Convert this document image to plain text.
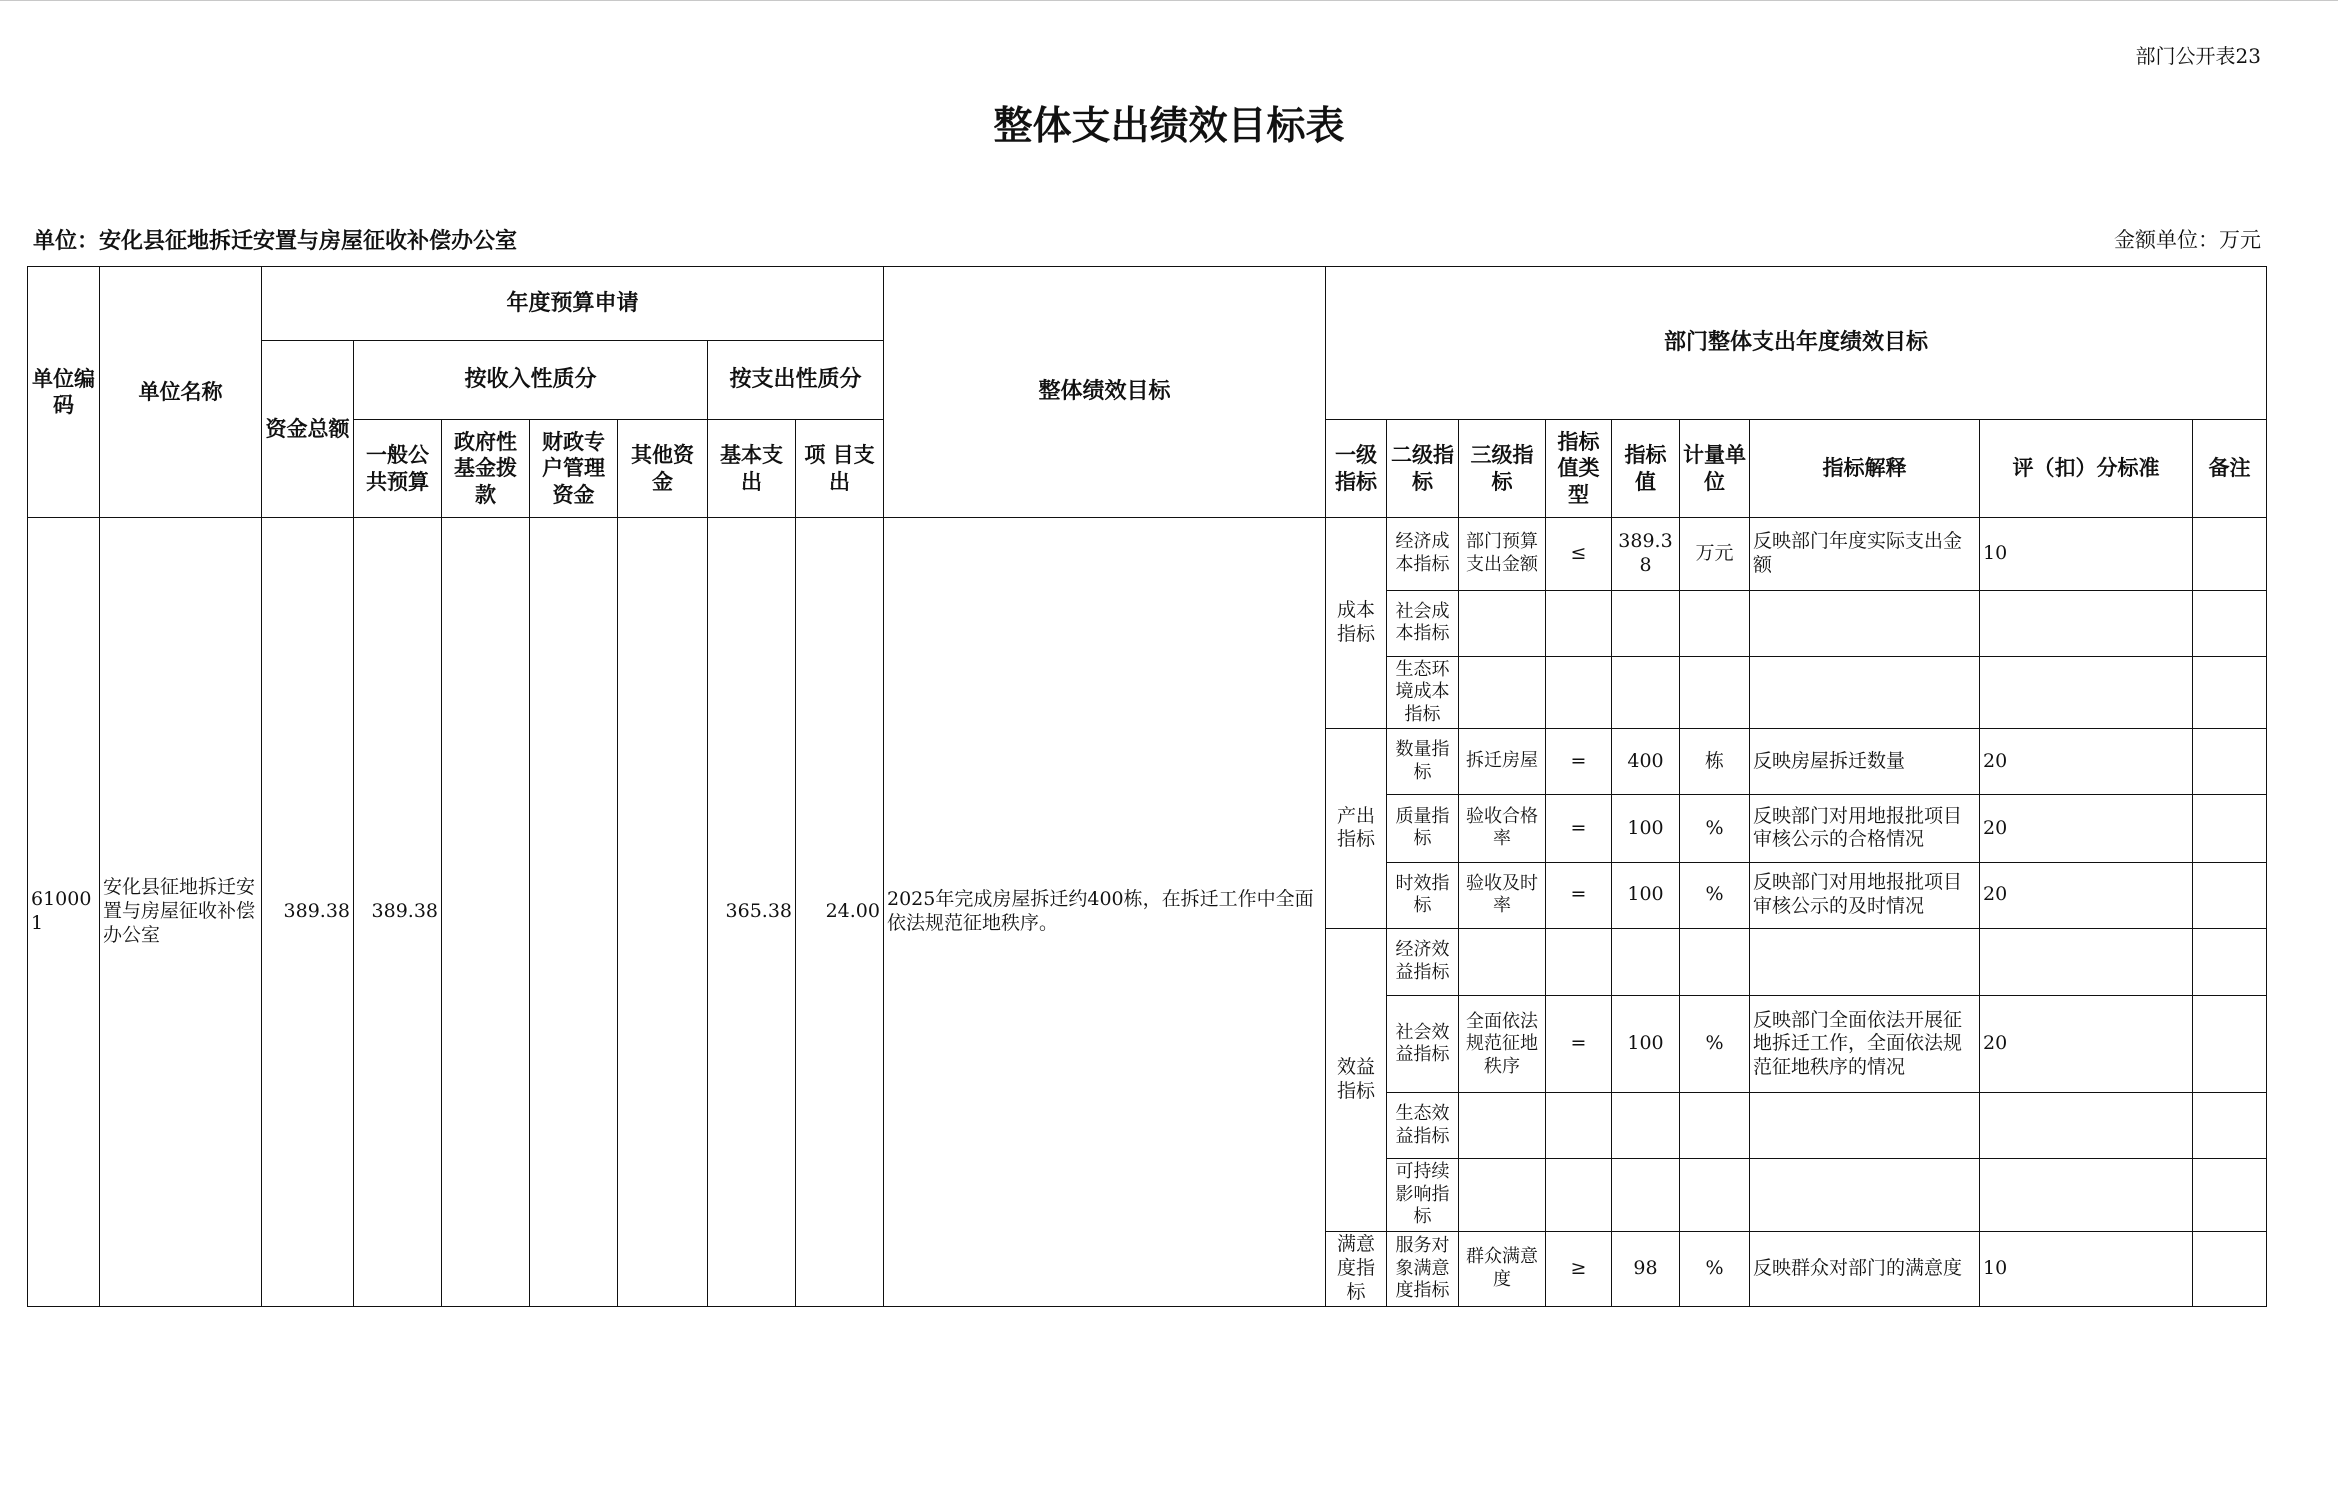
部门公开表23
整体支出绩效目标表
单位：安化县征地拆迁安置与房屋征收补偿办公室	金额单位：万元
单位编码	单位名称	年度预算申请							整体绩效目标	部门整体支出年度绩效目标								
		资金总额	按收入性质分				按支出性质分											
			一般公共预算	政府性基金拨款	财政专户管理资金	其他资金	基本支出	项 目支出		一级指标	二级指标	三级指标	指标值类型	指标值	计量单位	指标解释	评（扣）分标准	备注
610001	安化县征地拆迁安置与房屋征收补偿办公室	389.38	389.38				365.38	24.00	2025年完成房屋拆迁约400栋，在拆迁工作中全面依法规范征地秩序。	成本指标	经济成本指标	部门预算支出金额	≤	389.38	万元	反映部门年度实际支出金额	10	
											社会成本指标							
											生态环境成本指标							
										产出指标	数量指标	拆迁房屋	=	400	栋	反映房屋拆迁数量	20	
											质量指标	验收合格率	=	100	%	反映部门对用地报批项目审核公示的合格情况	20	
											时效指标	验收及时率	=	100	%	反映部门对用地报批项目审核公示的及时情况	20	
										效益指标	经济效益指标							
											社会效益指标	全面依法规范征地秩序	=	100	%	反映部门全面依法开展征地拆迁工作，全面依法规范征地秩序的情况	20	
											生态效益指标							
											可持续影响指标							
										满意度指标	服务对象满意度指标	群众满意度	≥	98	%	反映群众对部门的满意度	10	
